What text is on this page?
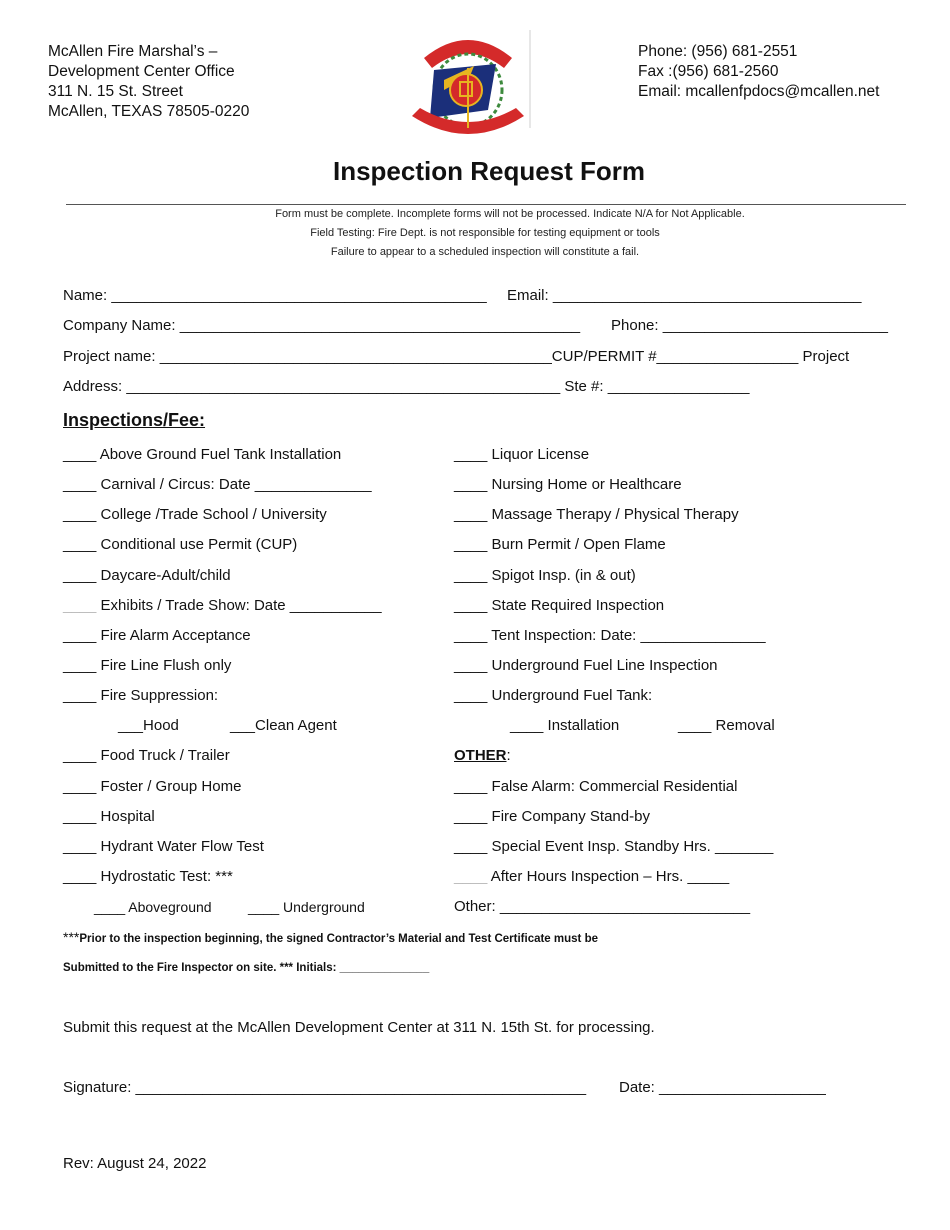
McAllen Fire Marshal’s –
Development Center Office
311 N. 15 St. Street
McAllen, TEXAS 78505-0220
Phone: (956) 681-2551
Fax :(956) 681-2560
Email: mcallenfpdocs@mcallen.net
Inspection Request Form
Form must be complete. Incomplete forms will not be processed. Indicate N/A for Not Applicable.
Field Testing: Fire Dept. is not responsible for testing equipment or tools
Failure to appear to a scheduled inspection will constitute a fail.
Name: _____________________________________________ Email: _____________________________________
Company Name: ________________________________________________ Phone: ___________________________
Project name: _______________________________________________CUP/PERMIT #_________________ Project
Address: ____________________________________________________ Ste #: _________________
Inspections/Fee:
____ Above Ground Fuel Tank Installation
____ Carnival / Circus: Date ______________
____ College /Trade School / University
____ Conditional use Permit (CUP)
____ Daycare-Adult/child
____ Exhibits / Trade Show: Date ___________
____ Fire Alarm Acceptance
____ Fire Line Flush only
____ Fire Suppression:
___Hood	___Clean Agent
____ Food Truck / Trailer
____ Foster / Group Home
____ Hospital
____ Hydrant Water Flow Test
____ Hydrostatic Test: ***
____ Aboveground	____ Underground
____ Liquor License
____ Nursing Home or Healthcare
____ Massage Therapy / Physical Therapy
____ Burn Permit / Open Flame
____ Spigot Insp. (in & out)
____ State Required Inspection
____ Tent Inspection: Date: _______________
____ Underground Fuel Line Inspection
____ Underground Fuel Tank:
____ Installation	____ Removal
OTHER:
____ False Alarm: Commercial Residential
____ Fire Company Stand-by
____ Special Event Insp. Standby Hrs. _______
____ After Hours Inspection – Hrs. _____
Other: ______________________________
***Prior to the inspection beginning, the signed Contractor’s Material and Test Certificate must be
Submitted to the Fire Inspector on site. *** Initials: ______________
Submit this request at the McAllen Development Center at 311 N. 15th St. for processing.
Signature: ______________________________________________________ Date: ____________________
Rev: August 24, 2022
